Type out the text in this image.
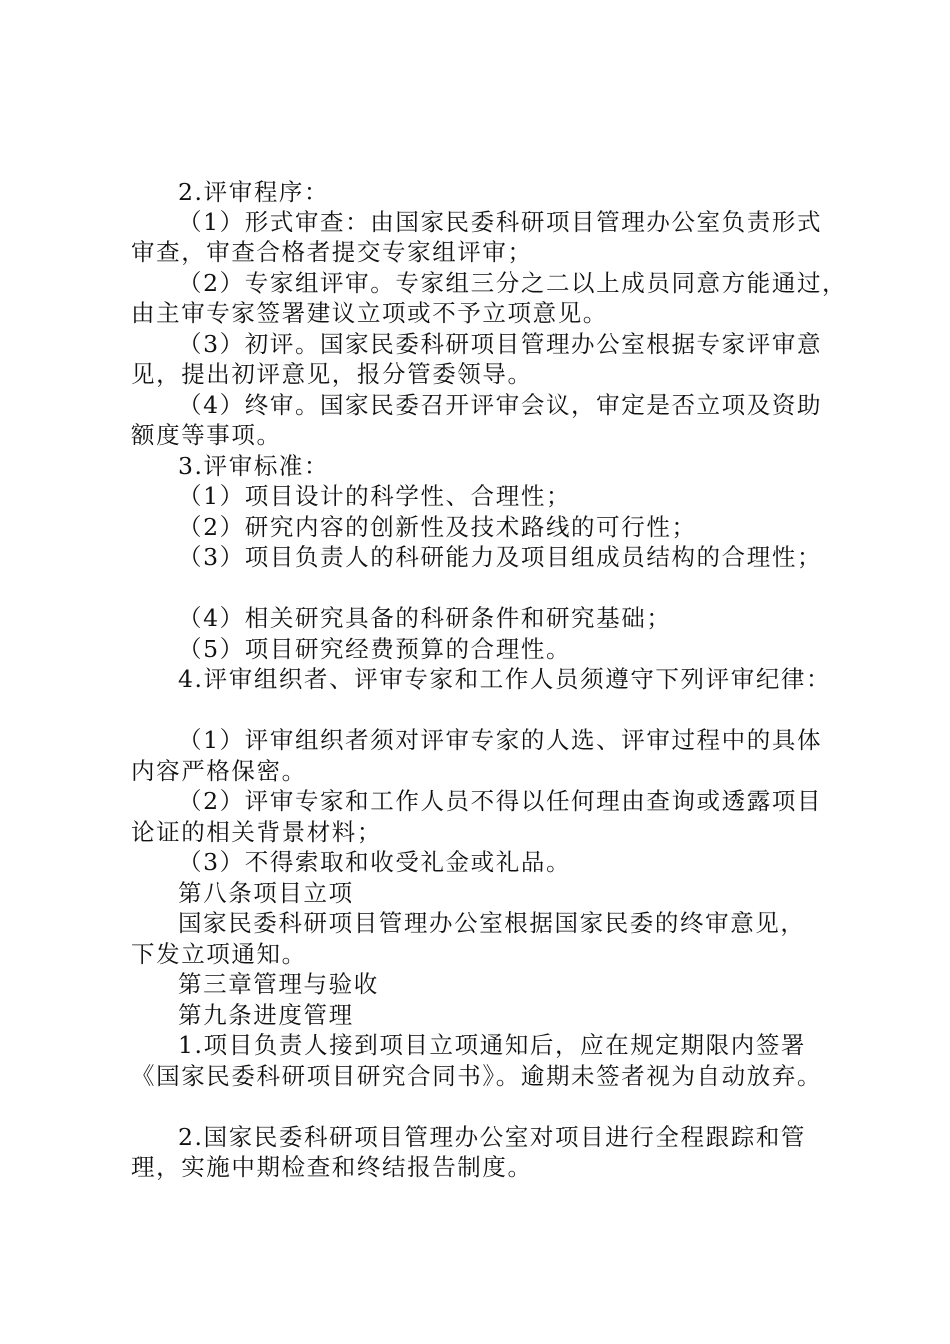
2.评审程序：
（1）形式审查：由国家民委科研项目管理办公室负责形式
审查，审查合格者提交专家组评审；
（2）专家组评审。专家组三分之二以上成员同意方能通过，
由主审专家签署建议立项或不予立项意见。
（3）初评。国家民委科研项目管理办公室根据专家评审意
见，提出初评意见，报分管委领导。
（4）终审。国家民委召开评审会议，审定是否立项及资助
额度等事项。
3.评审标准：
（1）项目设计的科学性、合理性；
（2）研究内容的创新性及技术路线的可行性；
（3）项目负责人的科研能力及项目组成员结构的合理性；
（4）相关研究具备的科研条件和研究基础；
（5）项目研究经费预算的合理性。
4.评审组织者、评审专家和工作人员须遵守下列评审纪律：
（1）评审组织者须对评审专家的人选、评审过程中的具体
内容严格保密。
（2）评审专家和工作人员不得以任何理由查询或透露项目
论证的相关背景材料；
（3）不得索取和收受礼金或礼品。
第八条项目立项
国家民委科研项目管理办公室根据国家民委的终审意见，
下发立项通知。
第三章管理与验收
第九条进度管理
1.项目负责人接到项目立项通知后，应在规定期限内签署
《国家民委科研项目研究合同书》。逾期未签者视为自动放弃。
2.国家民委科研项目管理办公室对项目进行全程跟踪和管
理，实施中期检查和终结报告制度。
